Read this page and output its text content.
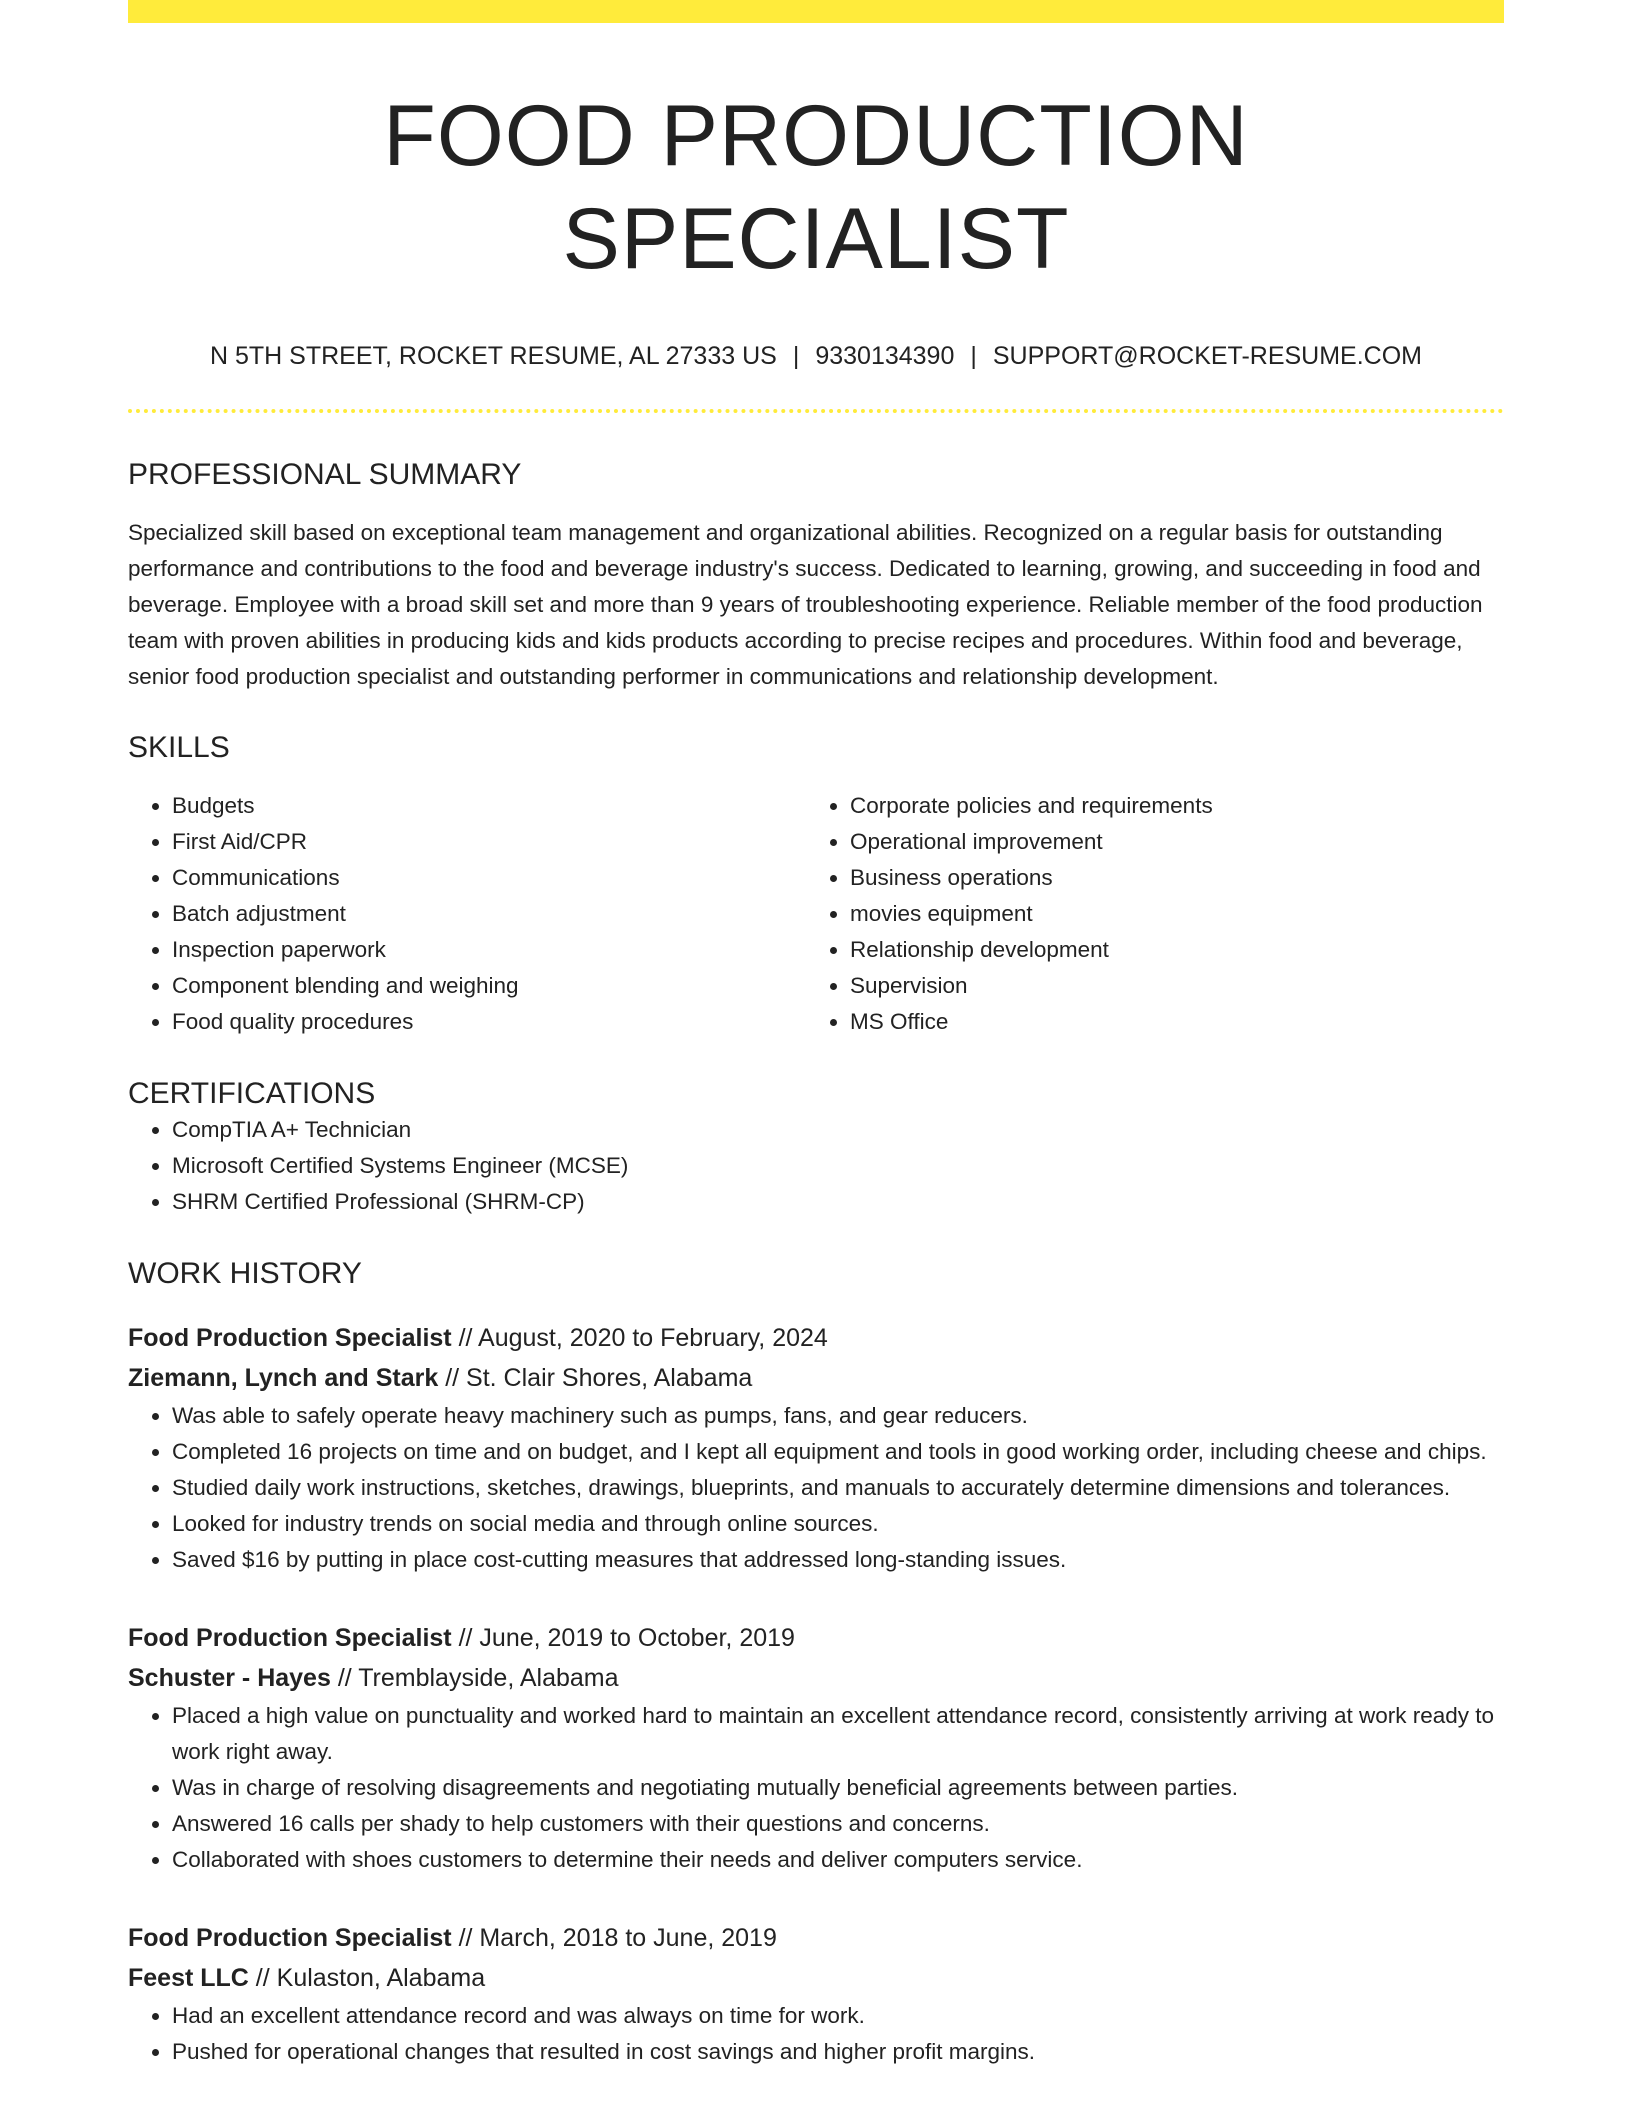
FOOD PRODUCTION SPECIALIST
N 5TH STREET, ROCKET RESUME, AL 27333 US | 9330134390 | SUPPORT@ROCKET-RESUME.COM
PROFESSIONAL SUMMARY

Specialized skill based on exceptional team management and organizational abilities. Recognized on a regular basis for outstanding performance and contributions to the food and beverage industry's success. Dedicated to learning, growing, and succeeding in food and beverage. Employee with a broad skill set and more than 9 years of troubleshooting experience. Reliable member of the food production team with proven abilities in producing kids and kids products according to precise recipes and procedures. Within food and beverage, senior food production specialist and outstanding performer in communications and relationship development.

SKILLS
• Budgets
• First Aid/CPR
• Communications
• Batch adjustment
• Inspection paperwork
• Component blending and weighing
• Food quality procedures
• Corporate policies and requirements
• Operational improvement
• Business operations
• movies equipment
• Relationship development
• Supervision
• MS Office
CERTIFICATIONS
• CompTIA A+ Technician
• Microsoft Certified Systems Engineer (MCSE)
• SHRM Certified Professional (SHRM-CP)
WORK HISTORY
Food Production Specialist // August, 2020 to February, 2024
Ziemann, Lynch and Stark // St. Clair Shores, Alabama
• Was able to safely operate heavy machinery such as pumps, fans, and gear reducers.
• Completed 16 projects on time and on budget, and I kept all equipment and tools in good working order, including cheese and chips.
• Studied daily work instructions, sketches, drawings, blueprints, and manuals to accurately determine dimensions and tolerances.
• Looked for industry trends on social media and through online sources.
• Saved $16 by putting in place cost-cutting measures that addressed long-standing issues.
Food Production Specialist // June, 2019 to October, 2019
Schuster - Hayes // Tremblayside, Alabama
• Placed a high value on punctuality and worked hard to maintain an excellent attendance record, consistently arriving at work ready to work right away.
• Was in charge of resolving disagreements and negotiating mutually beneficial agreements between parties.
• Answered 16 calls per shady to help customers with their questions and concerns.
• Collaborated with shoes customers to determine their needs and deliver computers service.
Food Production Specialist // March, 2018 to June, 2019
Feest LLC // Kulaston, Alabama
• Had an excellent attendance record and was always on time for work.
• Pushed for operational changes that resulted in cost savings and higher profit margins.
